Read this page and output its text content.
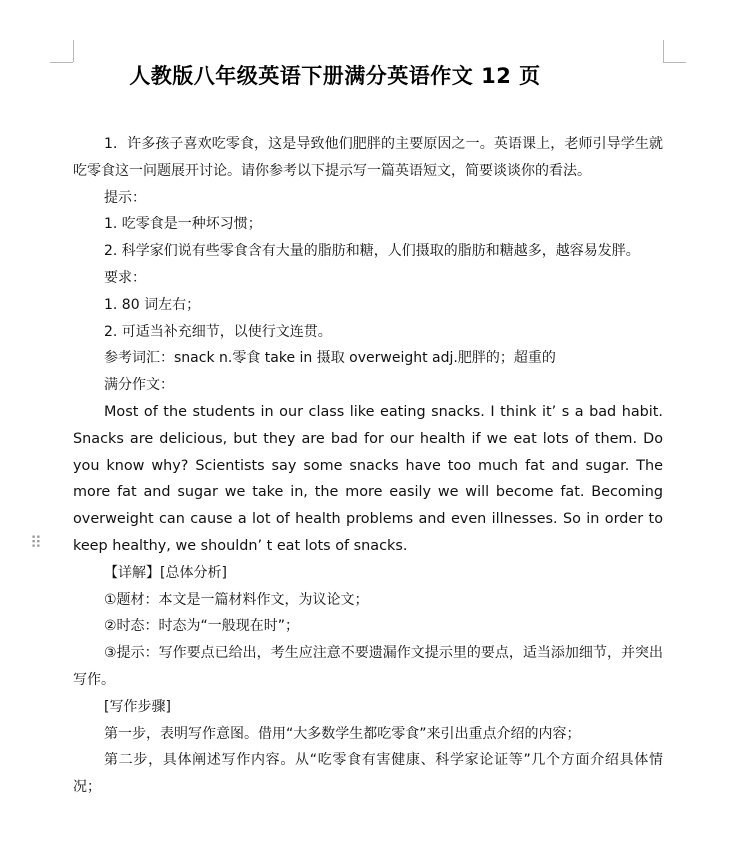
⠿
人教版八年级英语下册满分英语作文 12 页

1．许多孩子喜欢吃零食，这是导致他们肥胖的主要原因之一。英语课上，老师引导学生就吃零食这一问题展开讨论。请你参考以下提示写一篇英语短文，简要谈谈你的看法。

提示：

1. 吃零食是一种坏习惯；

2. 科学家们说有些零食含有大量的脂肪和糖，人们摄取的脂肪和糖越多，越容易发胖。

要求：

1. 80 词左右；

2. 可适当补充细节，以使行文连贯。

参考词汇：snack n.零食 take in 摄取 overweight adj.肥胖的；超重的

满分作文：

Most of the students in our class like eating snacks. I think it’ s a bad habit. Snacks are delicious, but they are bad for our health if we eat lots of them. Do you know why? Scientists say some snacks have too much fat and sugar. The more fat and sugar we take in, the more easily we will become fat. Becoming overweight can cause a lot of health problems and even illnesses. So in order to keep healthy, we shouldn’ t eat lots of snacks.

【详解】[总体分析]

①题材：本文是一篇材料作文，为议论文；

②时态：时态为“一般现在时”；

③提示：写作要点已给出，考生应注意不要遗漏作文提示里的要点，适当添加细节，并突出写作。

[写作步骤]

第一步，表明写作意图。借用“大多数学生都吃零食”来引出重点介绍的内容；

第二步，具体阐述写作内容。从“吃零食有害健康、科学家论证等”几个方面介绍具体情况；
